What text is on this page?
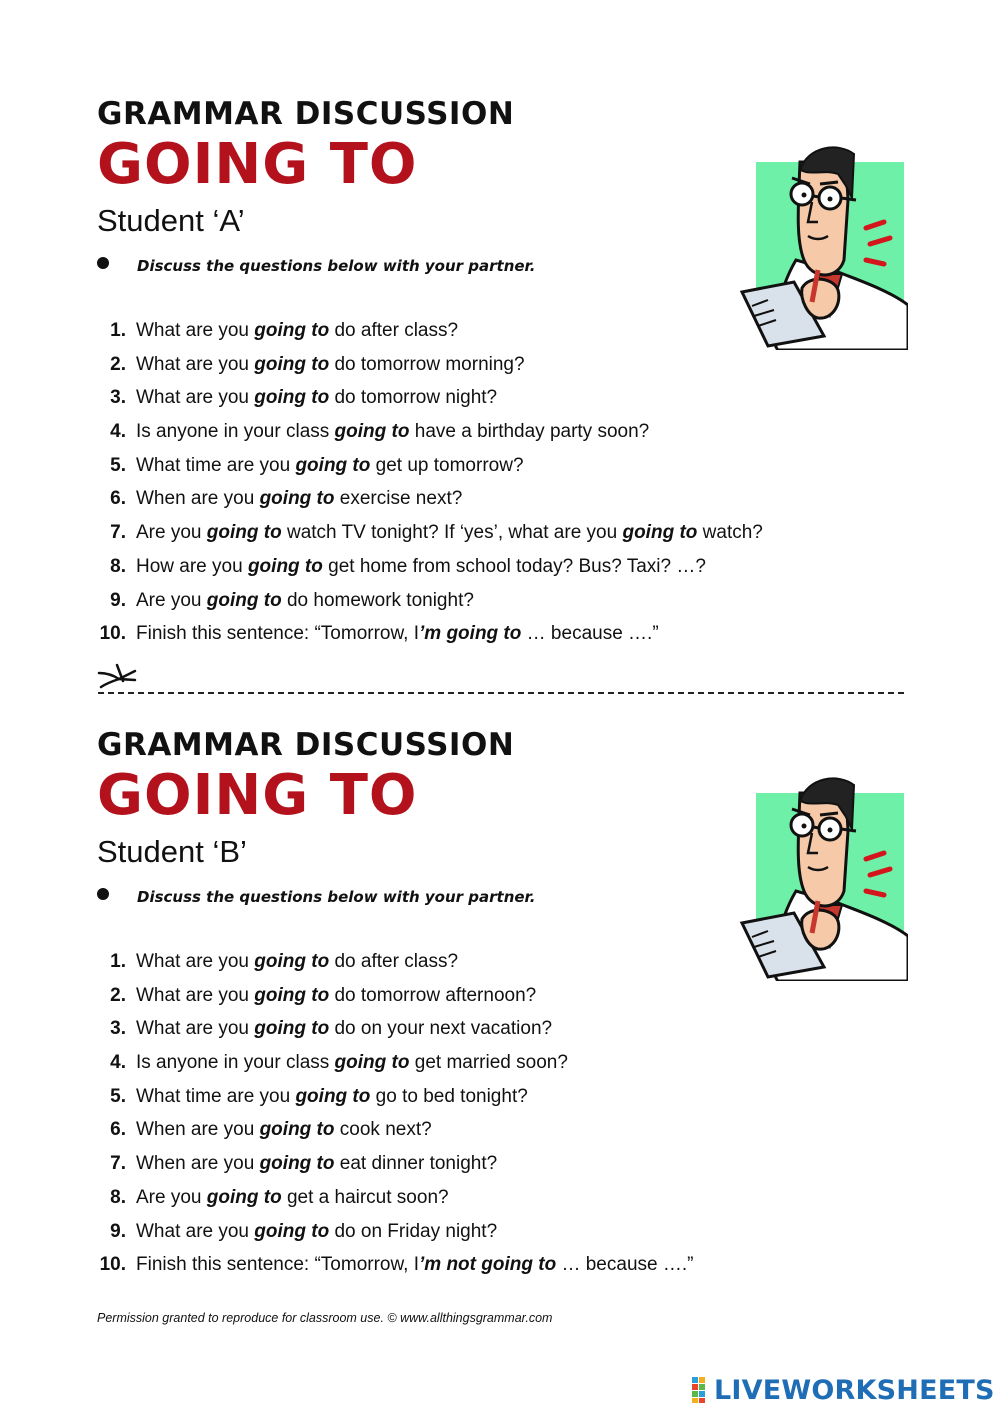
GRAMMAR DISCUSSION
GOING TO
Student ‘A’
Discuss the questions below with your partner.
1. What are you going to do after class?
2. What are you going to do tomorrow morning?
3. What are you going to do tomorrow night?
4. Is anyone in your class going to have a birthday party soon?
5. What time are you going to get up tomorrow?
6. When are you going to exercise next?
7. Are you going to watch TV tonight? If ‘yes’, what are you going to watch?
8. How are you going to get home from school today? Bus? Taxi? …?
9. Are you going to do homework tonight?
10. Finish this sentence: “Tomorrow, I’m going to … because ….”
GRAMMAR DISCUSSION
GOING TO
Student ‘B’
Discuss the questions below with your partner.
1. What are you going to do after class?
2. What are you going to do tomorrow afternoon?
3. What are you going to do on your next vacation?
4. Is anyone in your class going to get married soon?
5. What time are you going to go to bed tonight?
6. When are you going to cook next?
7. When are you going to eat dinner tonight?
8. Are you going to get a haircut soon?
9. What are you going to do on Friday night?
10. Finish this sentence: “Tomorrow, I’m not going to … because ….”
Permission granted to reproduce for classroom use. © www.allthingsgrammar.com
LIVEWORKSHEETS
